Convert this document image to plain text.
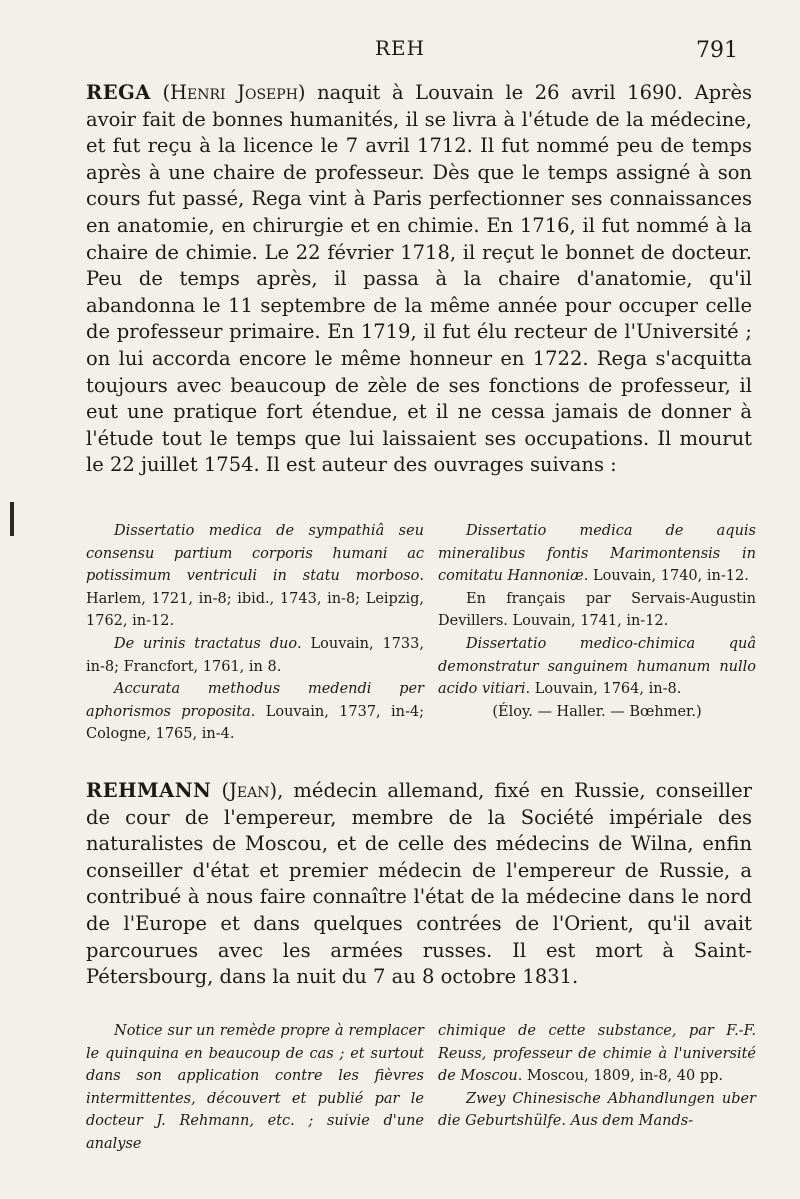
REH	791

REGA (Henri Joseph) naquit à Louvain le 26 avril 1690. Après avoir fait de bonnes humanités, il se livra à l'étude de la médecine, et fut reçu à la licence le 7 avril 1712. Il fut nommé peu de temps après à une chaire de professeur. Dès que le temps assigné à son cours fut passé, Rega vint à Paris perfectionner ses connaissances en anatomie, en chirurgie et en chimie. En 1716, il fut nommé à la chaire de chimie. Le 22 février 1718, il reçut le bonnet de docteur. Peu de temps après, il passa à la chaire d'anatomie, qu'il abandonna le 11 septembre de la même année pour occuper celle de professeur primaire. En 1719, il fut élu recteur de l'Université ; on lui accorda encore le même honneur en 1722. Rega s'acquitta toujours avec beaucoup de zèle de ses fonctions de professeur, il eut une pratique fort étendue, et il ne cessa jamais de donner à l'étude tout le temps que lui laissaient ses occupations. Il mourut le 22 juillet 1754. Il est auteur des ouvrages suivans :

Dissertatio medica de sympathiâ seu consensu partium corporis humani ac potissimum ventriculi in statu morboso. Harlem, 1721, in-8; ibid., 1743, in-8; Leipzig, 1762, in-12.

De urinis tractatus duo. Louvain, 1733, in-8; Francfort, 1761, in 8.

Accurata methodus medendi per aphorismos proposita. Louvain, 1737, in-4; Cologne, 1765, in-4.

Dissertatio medica de aquis mineralibus fontis Marimontensis in comitatu Hannoniæ. Louvain, 1740, in-12.

En français par Servais-Augustin Devillers. Louvain, 1741, in-12.

Dissertatio medico-chimica quâ demonstratur sanguinem humanum nullo acido vitiari. Louvain, 1764, in-8.

(Éloy. — Haller. — Bœhmer.)

REHMANN (Jean), médecin allemand, fixé en Russie, conseiller de cour de l'empereur, membre de la Société impériale des naturalistes de Moscou, et de celle des médecins de Wilna, enfin conseiller d'état et premier médecin de l'empereur de Russie, a contribué à nous faire connaître l'état de la médecine dans le nord de l'Europe et dans quelques contrées de l'Orient, qu'il avait parcourues avec les armées russes. Il est mort à Saint-Pétersbourg, dans la nuit du 7 au 8 octobre 1831.

Notice sur un remède propre à remplacer le quinquina en beaucoup de cas ; et surtout dans son application contre les fièvres intermittentes, découvert et publié par le docteur J. Rehmann, etc. ; suivie d'une analyse

chimique de cette substance, par F.-F. Reuss, professeur de chimie à l'université de Moscou. Moscou, 1809, in-8, 40 pp.

Zwey Chinesische Abhandlungen uber die Geburtshülfe. Aus dem Mands-
